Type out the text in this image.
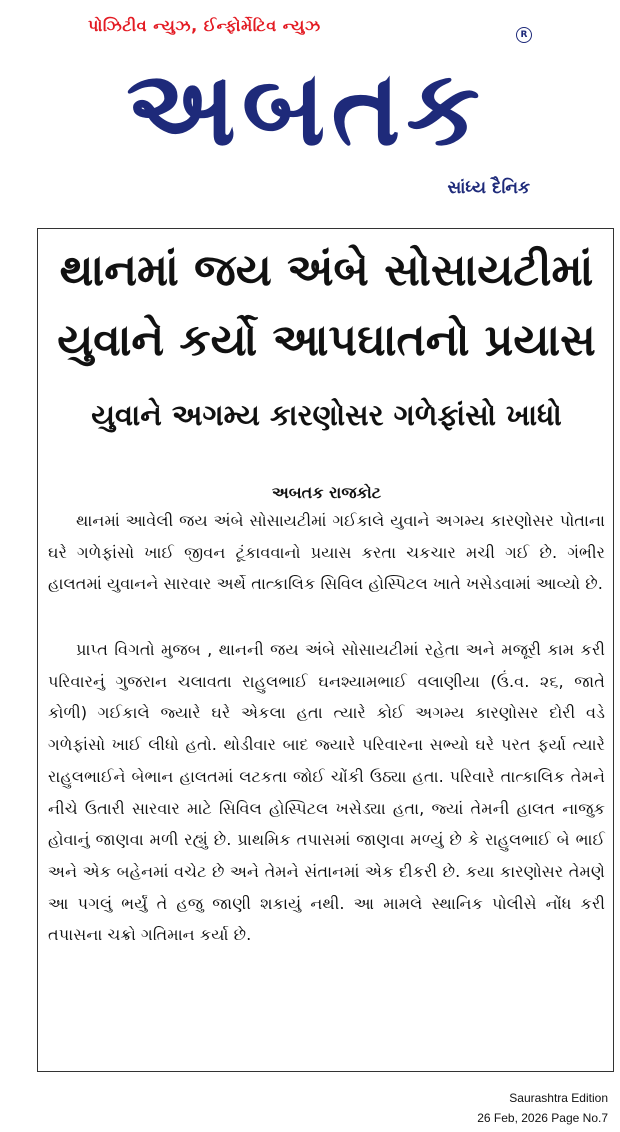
પોઝિટીવ ન્યુઝ, ઈન્ફોર્મેટિવ ન્યુઝ	R
અબતક
સાંધ્ય દૈનિક
થાનમાં જય અંબે સોસાયટીમાં
યુવાને કર્યો આપઘાતનો પ્રયાસ
યુવાને અગમ્ય કારણોસર ગળેફાંસો ખાધો
અબતક રાજકોટ

થાનમાં આવેલી જય અંબે સોસાયટીમાં ગઈકાલે યુવાને અગમ્ય કારણોસર પોતાના ઘરે ગળેફાંસો ખાઈ જીવન ટૂંકાવવાનો પ્રયાસ કરતા ચકચાર મચી ગઈ છે. ગંભીર હાલતમાં યુવાનને સારવાર અર્થે તાત્કાલિક સિવિલ હોસ્પિટલ ખાતે ખસેડવામાં આવ્યો છે.

પ્રાપ્ત વિગતો મુજબ , થાનની જય અંબે સોસાયટીમાં રહેતા અને મજૂરી કામ કરી પરિવારનું ગુજરાન ચલાવતા રાહુલભાઈ ઘનશ્યામભાઈ વલાણીયા (ઉં.વ. ૨૬, જાતે કોળી) ગઈકાલે જ્યારે ઘરે એકલા હતા ત્યારે કોઈ અગમ્ય કારણોસર દોરી વડે ગળેફાંસો ખાઈ લીધો હતો. થોડીવાર બાદ જ્યારે પરિવારના સભ્યો ઘરે પરત ફર્યા ત્યારે રાહુલભાઈને બેભાન હાલતમાં લટકતા જોઈ ચોંકી ઉઠ્યા હતા. પરિવારે તાત્કાલિક તેમને નીચે ઉતારી સારવાર માટે સિવિલ હોસ્પિટલ ખસેડ્યા હતા, જ્યાં તેમની હાલત નાજુક હોવાનું જાણવા મળી રહ્યું છે. પ્રાથમિક તપાસમાં જાણવા મળ્યું છે કે રાહુલભાઈ બે ભાઈ અને એક બહેનમાં વચેટ છે અને તેમને સંતાનમાં એક દીકરી છે. કયા કારણોસર તેમણે આ પગલું ભર્યું તે હજુ જાણી શકાયું નથી. આ મામલે સ્થાનિક પોલીસે નોંધ કરી તપાસના ચક્રો ગતિમાન કર્યા છે.

Saurashtra Edition
26 Feb, 2026 Page No.7
